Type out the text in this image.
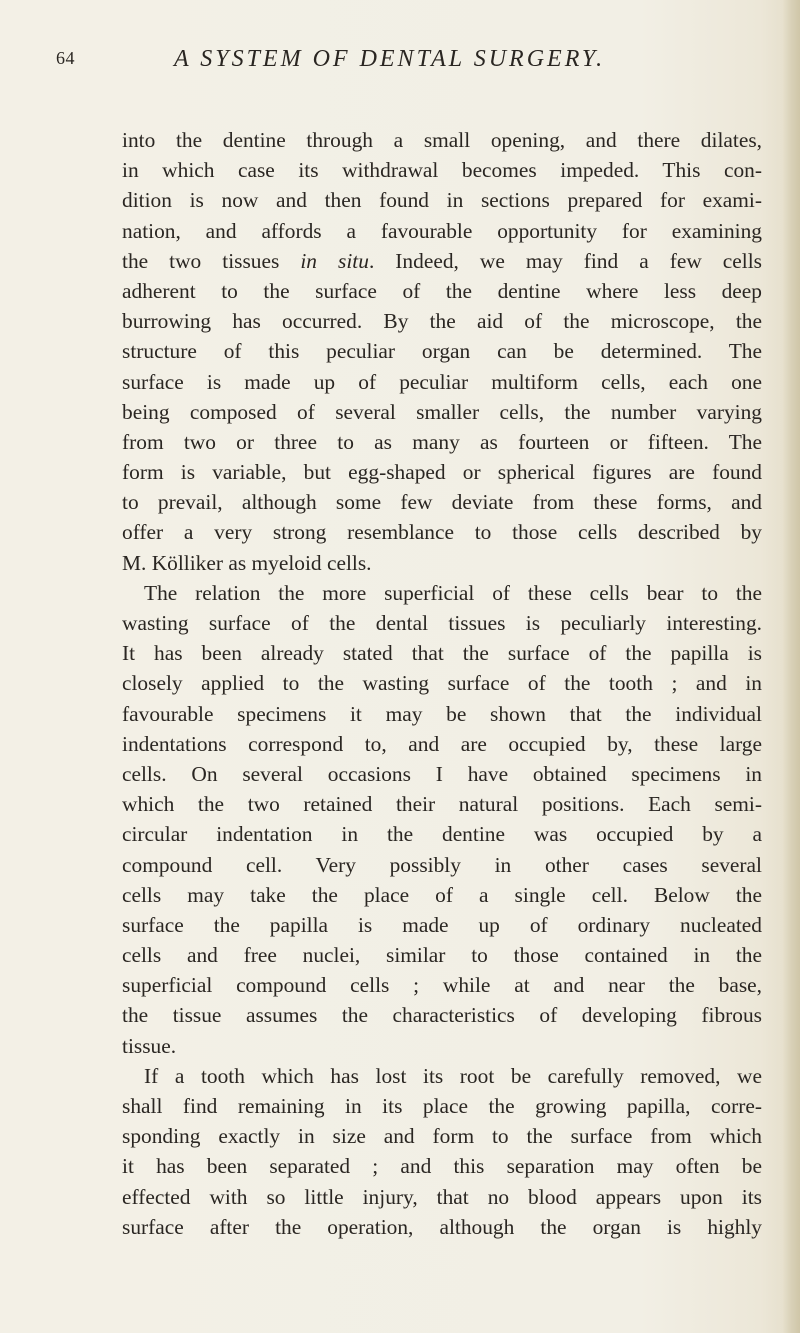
64	A SYSTEM OF DENTAL SURGERY.
into the dentine through a small opening, and there dilates,
in which case its withdrawal becomes impeded. This con-
dition is now and then found in sections prepared for exami-
nation, and affords a favourable opportunity for examining
the two tissues in situ. Indeed, we may find a few cells
adherent to the surface of the dentine where less deep
burrowing has occurred. By the aid of the microscope, the
structure of this peculiar organ can be determined. The
surface is made up of peculiar multiform cells, each one
being composed of several smaller cells, the number varying
from two or three to as many as fourteen or fifteen. The
form is variable, but egg-shaped or spherical figures are found
to prevail, although some few deviate from these forms, and
offer a very strong resemblance to those cells described by
M. Kölliker as myeloid cells.
The relation the more superficial of these cells bear to the
wasting surface of the dental tissues is peculiarly interesting.
It has been already stated that the surface of the papilla is
closely applied to the wasting surface of the tooth ; and in
favourable specimens it may be shown that the individual
indentations correspond to, and are occupied by, these large
cells. On several occasions I have obtained specimens in
which the two retained their natural positions. Each semi-
circular indentation in the dentine was occupied by a
compound cell. Very possibly in other cases several
cells may take the place of a single cell. Below the
surface the papilla is made up of ordinary nucleated
cells and free nuclei, similar to those contained in the
superficial compound cells ; while at and near the base,
the tissue assumes the characteristics of developing fibrous
tissue.
If a tooth which has lost its root be carefully removed, we
shall find remaining in its place the growing papilla, corre-
sponding exactly in size and form to the surface from which
it has been separated ; and this separation may often be
effected with so little injury, that no blood appears upon its
surface after the operation, although the organ is highly
